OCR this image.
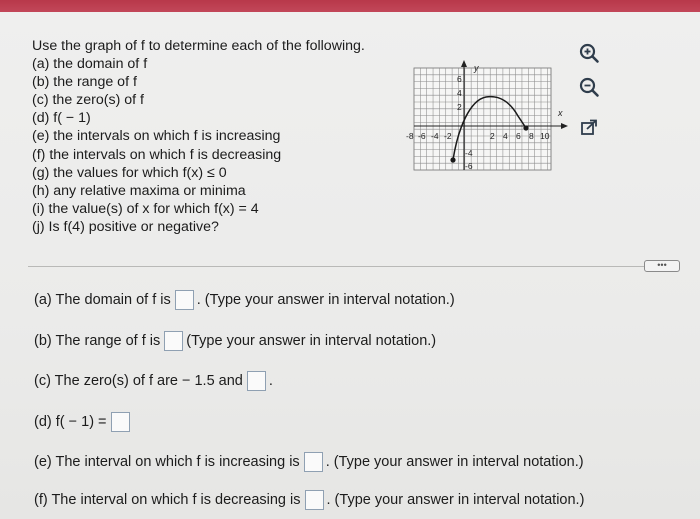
Use the graph of f to determine each of the following.
(a) the domain of f
(b) the range of f
(c) the zero(s) of f
(d) f( − 1)
(e) the intervals on which f is increasing
(f) the intervals on which f is decreasing
(g) the values for which f(x) ≤ 0
(h) any relative maxima or minima
(i) the value(s) of x for which f(x) = 4
(j) Is f(4) positive or negative?
y
x
-8 -6 -4 -2	2 4 6 8 10
6
4
2
-4
-6
•••
(a) The domain of f is . (Type your answer in interval notation.)
(b) The range of f is (Type your answer in interval notation.)
(c) The zero(s) of f are − 1.5 and .
(d) f( − 1) =
(e) The interval on which f is increasing is . (Type your answer in interval notation.)
(f) The interval on which f is decreasing is . (Type your answer in interval notation.)
